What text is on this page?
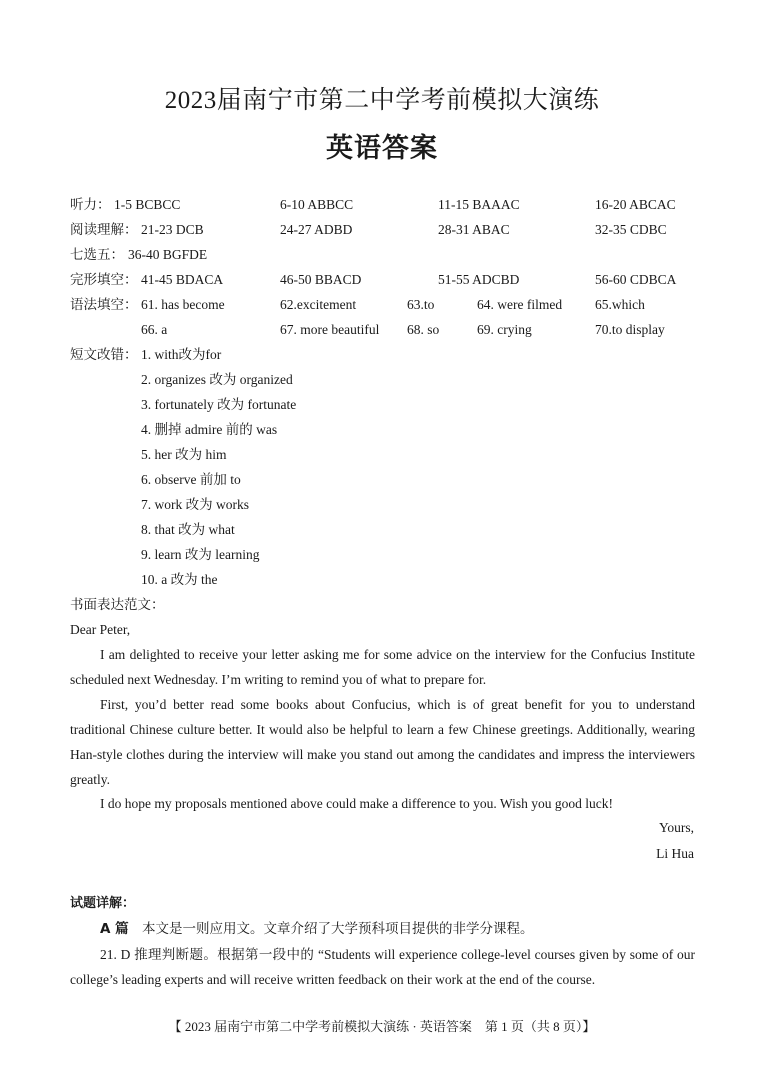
2023届南宁市第二中学考前模拟大演练
英语答案
听力： 1-5 BCBCC	6-10 ABBCC	11-15 BAAAC	16-20 ABCAC
阅读理解： 21-23 DCB	24-27 ADBD	28-31 ABAC	32-35 CDBC
七选五： 36-40 BGFDE
完形填空： 41-45 BDACA	46-50 BBACD	51-55 ADCBD	56-60 CDBCA
语法填空： 61. has become	62.excitement	63.to	64. were filmed 65.which
66. a	67. more beautiful 68. so	69. crying	70.to display
短文改错： 1. with改为for
2. organizes 改为 organized
3. fortunately 改为 fortunate
4. 删掉 admire 前的 was
5. her 改为 him
6. observe 前加 to
7. work 改为 works
8. that 改为 what
9. learn 改为 learning
10. a 改为 the
书面表达范文：
Dear Peter,
I am delighted to receive your letter asking me for some advice on the interview for the Confucius Institute scheduled next Wednesday. I’m writing to remind you of what to prepare for.
First, you’d better read some books about Confucius, which is of great benefit for you to understand traditional Chinese culture better. It would also be helpful to learn a few Chinese greetings. Additionally, wearing Han-style clothes during the interview will make you stand out among the candidates and impress the interviewers greatly.
I do hope my proposals mentioned above could make a difference to you. Wish you good luck!
Yours,
Li Hua
试题详解：
A 篇 本文是一则应用文。文章介绍了大学预科项目提供的非学分课程。
21. D 推理判断题。根据第一段中的 “Students will experience college-level courses given by some of our college’s leading experts and will receive written feedback on their work at the end of the course.
【 2023 届南宁市第二中学考前模拟大演练 · 英语答案　第 1 页（共 8 页）】
